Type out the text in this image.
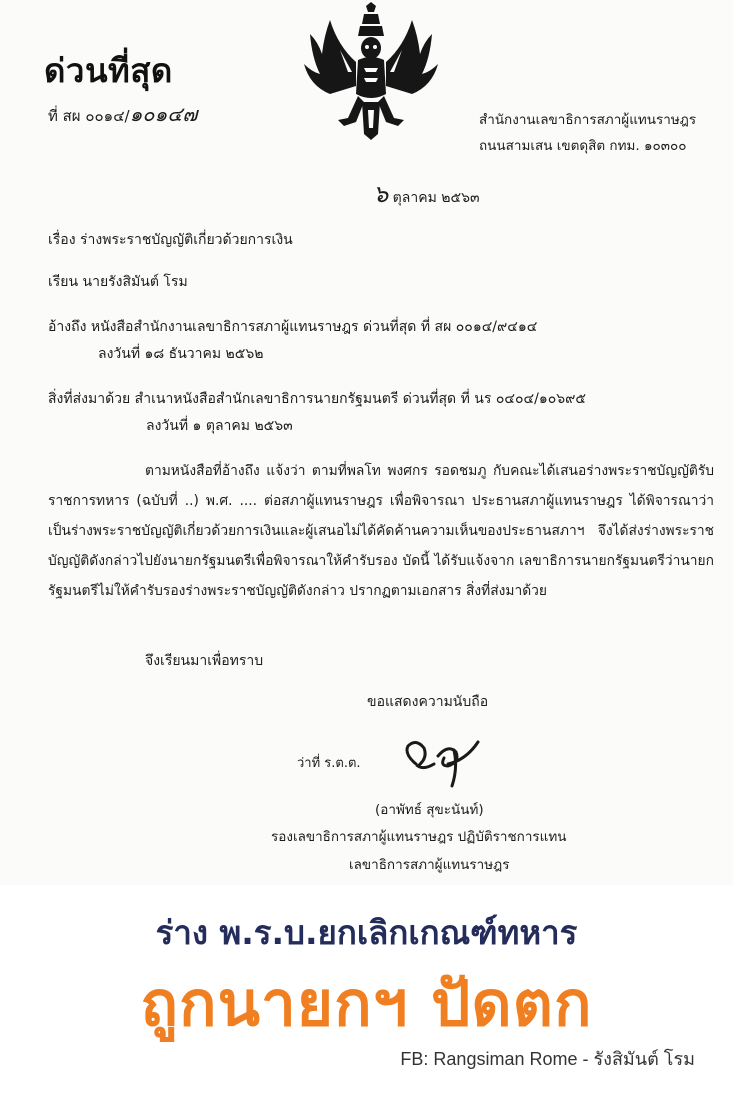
ด่วนที่สุด
ที่ สผ ๐๐๑๔/๑๐๑๔๗	สำนักงานเลขาธิการสภาผู้แทนราษฎร
ถนนสามเสน เขตดุสิต กทม. ๑๐๓๐๐
๖ ตุลาคม ๒๕๖๓
เรื่อง ร่างพระราชบัญญัติเกี่ยวด้วยการเงิน
เรียน นายรังสิมันต์ โรม
อ้างถึง หนังสือสำนักงานเลขาธิการสภาผู้แทนราษฎร ด่วนที่สุด ที่ สผ ๐๐๑๔/๙๔๑๔
ลงวันที่ ๑๘ ธันวาคม ๒๕๖๒
สิ่งที่ส่งมาด้วย สำเนาหนังสือสำนักเลขาธิการนายกรัฐมนตรี ด่วนที่สุด ที่ นร ๐๔๐๔/๑๐๖๙๕
ลงวันที่ ๑ ตุลาคม ๒๕๖๓
ตามหนังสือที่อ้างถึง แจ้งว่า ตามที่พลโท พงศกร รอดชมภู กับคณะได้เสนอร่างพระราชบัญญัติรับราชการทหาร (ฉบับที่ ..) พ.ศ. .... ต่อสภาผู้แทนราษฎร เพื่อพิจารณา ประธานสภาผู้แทนราษฎร ได้พิจารณาว่าเป็นร่างพระราชบัญญัติเกี่ยวด้วยการเงินและผู้เสนอไม่ได้คัดค้านความเห็นของประธานสภาฯ จึงได้ส่งร่างพระราชบัญญัติดังกล่าวไปยังนายกรัฐมนตรีเพื่อพิจารณาให้คำรับรอง บัดนี้ ได้รับแจ้งจาก เลขาธิการนายกรัฐมนตรีว่านายกรัฐมนตรีไม่ให้คำรับรองร่างพระราชบัญญัติดังกล่าว ปรากฏตามเอกสาร สิ่งที่ส่งมาด้วย
จึงเรียนมาเพื่อทราบ
ขอแสดงความนับถือ
ว่าที่ ร.ต.ต.
(อาพัทธ์ สุขะนันท์)
รองเลขาธิการสภาผู้แทนราษฎร ปฏิบัติราชการแทน
เลขาธิการสภาผู้แทนราษฎร
ร่าง พ.ร.บ.ยกเลิกเกณฑ์ทหาร
ถูกนายกฯ ปัดตก
FB: Rangsiman Rome - รังสิมันต์ โรม
